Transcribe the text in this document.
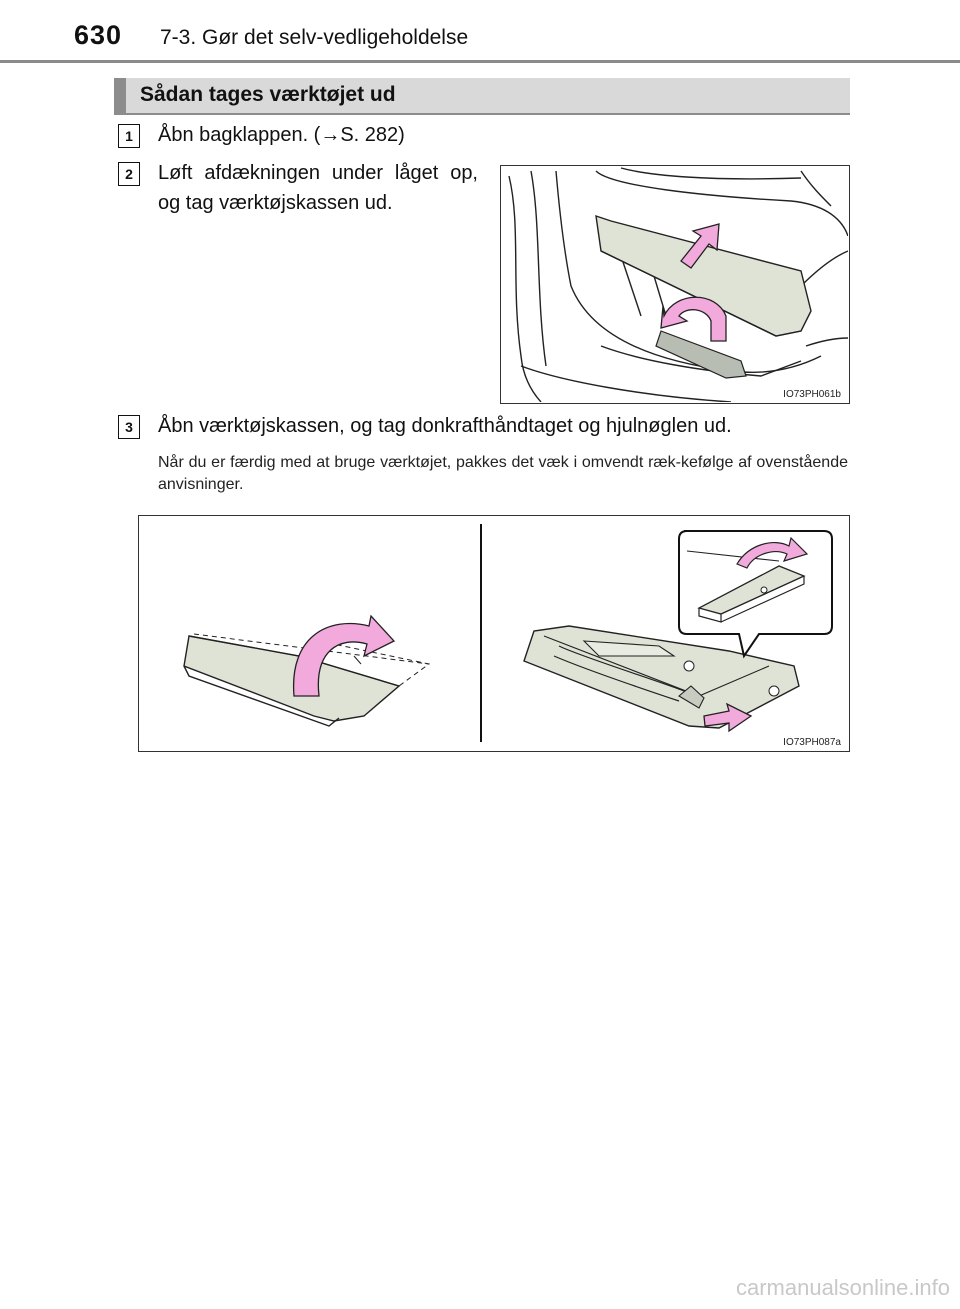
630 7-3. Gør det selv-vedligeholdelse
Sådan tages værktøjet ud
1	Åbn bagklappen. (→S. 282)
2	Løft afdækningen under låget op, og tag værktøjskassen ud.
IO73PH061b
3	Åbn værktøjskassen, og tag donkrafthåndtaget og hjulnøglen ud.
Når du er færdig med at bruge værktøjet, pakkes det væk i omvendt ræk-kefølge af ovenstående anvisninger.
IO73PH087a
carmanualsonline.info
